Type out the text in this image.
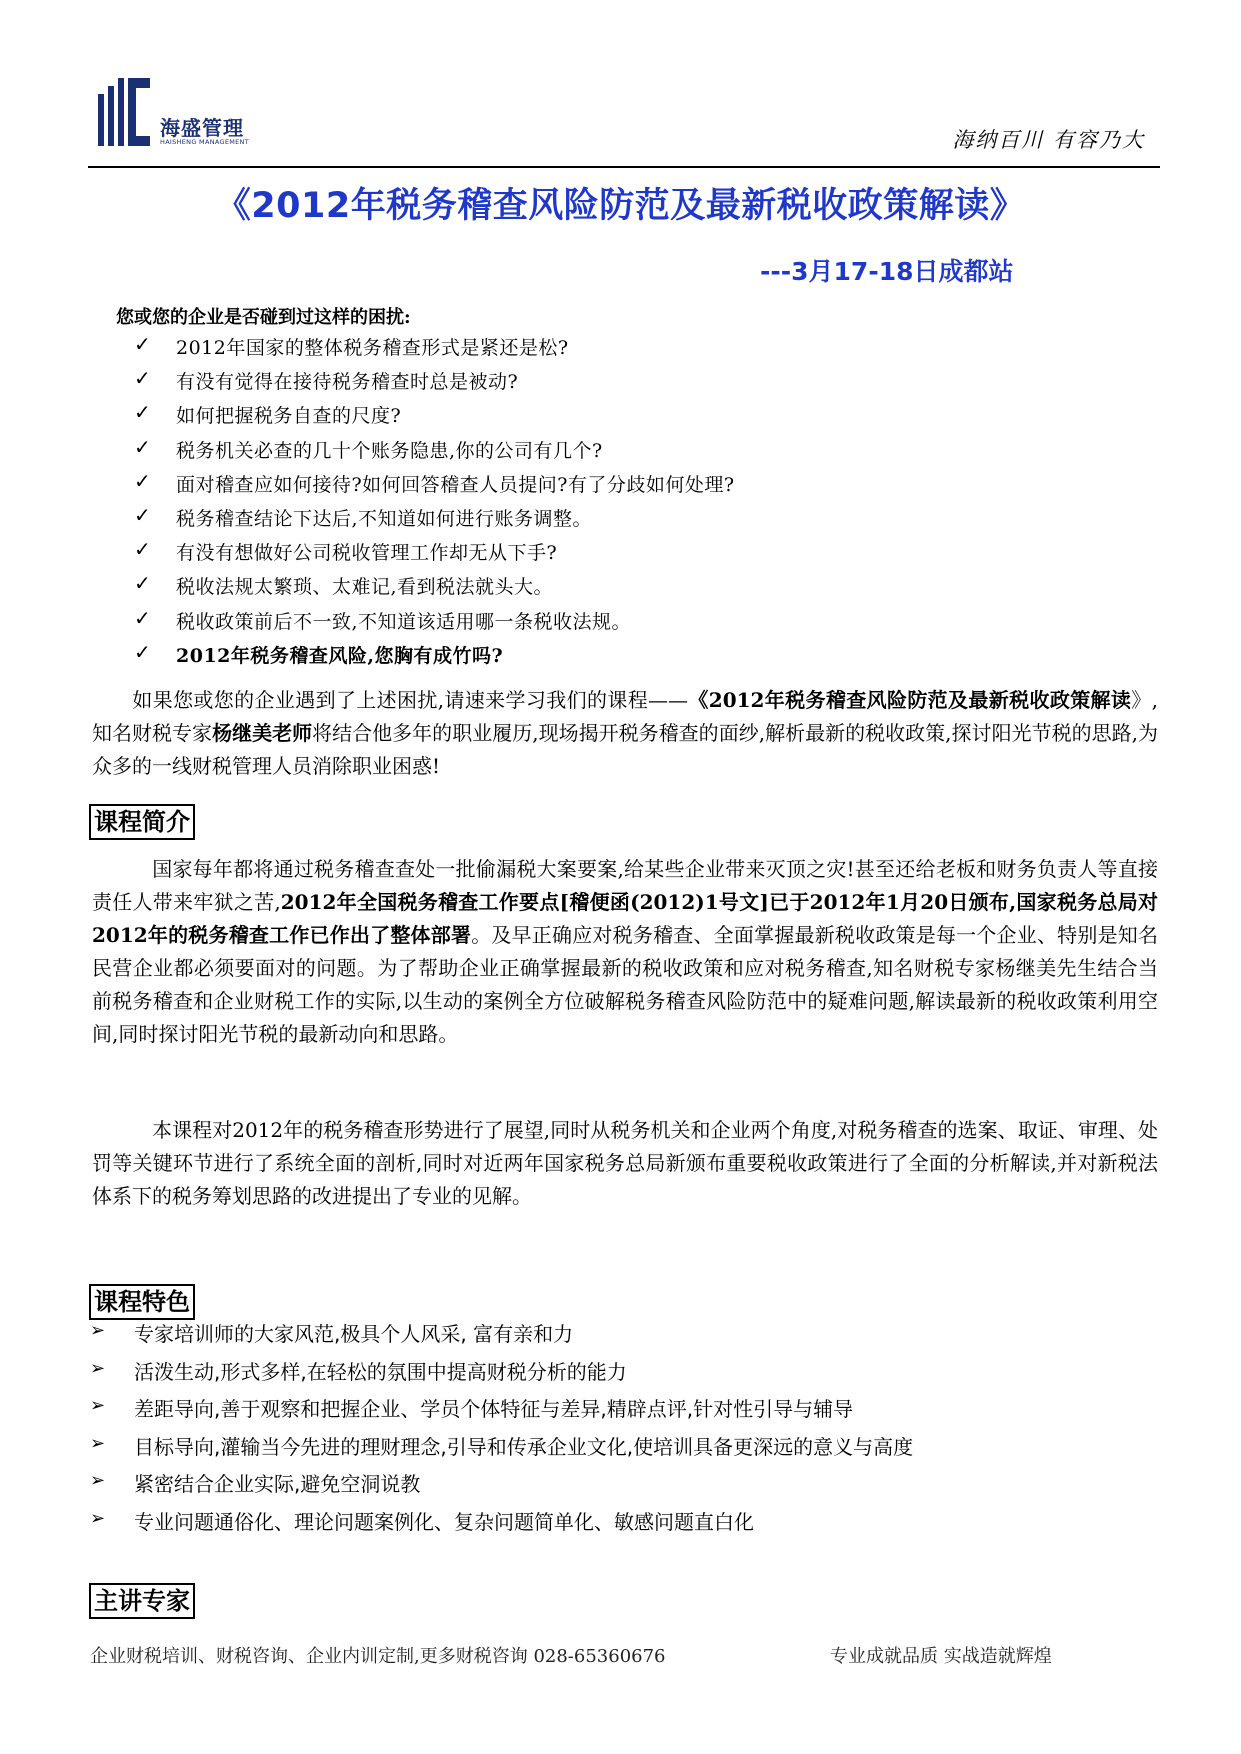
海盛管理
HAISHENG MANAGEMENT	海纳百川 有容乃大
《2012年税务稽查风险防范及最新税收政策解读》
---3月17-18日成都站
您或您的企业是否碰到过这样的困扰:
✓ 2012年国家的整体税务稽查形式是紧还是松?
✓ 有没有觉得在接待税务稽查时总是被动?
✓ 如何把握税务自查的尺度?
✓ 税务机关必查的几十个账务隐患,你的公司有几个?
✓ 面对稽查应如何接待?如何回答稽查人员提问?有了分歧如何处理?
✓ 税务稽查结论下达后,不知道如何进行账务调整。
✓ 有没有想做好公司税收管理工作却无从下手?
✓ 税收法规太繁琐、太难记,看到税法就头大。
✓ 税收政策前后不一致,不知道该适用哪一条税收法规。
✓ 2012年税务稽查风险,您胸有成竹吗?
  如果您或您的企业遇到了上述困扰,请速来学习我们的课程——《2012年税务稽查风险防范及最新税收政策解读》,知名财税专家杨继美老师将结合他多年的职业履历,现场揭开税务稽查的面纱,解析最新的税收政策,探讨阳光节税的思路,为众多的一线财税管理人员消除职业困惑!
课程简介
   国家每年都将通过税务稽查查处一批偷漏税大案要案,给某些企业带来灭顶之灾!甚至还给老板和财务负责人等直接责任人带来牢狱之苦,2012年全国税务稽查工作要点[稽便函(2012)1号文]已于2012年1月20日颁布,国家税务总局对2012年的税务稽查工作已作出了整体部署。及早正确应对税务稽查、全面掌握最新税收政策是每一个企业、特别是知名民营企业都必须要面对的问题。为了帮助企业正确掌握最新的税收政策和应对税务稽查,知名财税专家杨继美先生结合当前税务稽查和企业财税工作的实际,以生动的案例全方位破解税务稽查风险防范中的疑难问题,解读最新的税收政策利用空间,同时探讨阳光节税的最新动向和思路。
   本课程对2012年的税务稽查形势进行了展望,同时从税务机关和企业两个角度,对税务稽查的选案、取证、审理、处罚等关键环节进行了系统全面的剖析,同时对近两年国家税务总局新颁布重要税收政策进行了全面的分析解读,并对新税法体系下的税务筹划思路的改进提出了专业的见解。
课程特色
➢ 专家培训师的大家风范,极具个人风采, 富有亲和力
➢ 活泼生动,形式多样,在轻松的氛围中提高财税分析的能力
➢ 差距导向,善于观察和把握企业、学员个体特征与差异,精辟点评,针对性引导与辅导
➢ 目标导向,灌输当今先进的理财理念,引导和传承企业文化,使培训具备更深远的意义与高度
➢ 紧密结合企业实际,避免空洞说教
➢ 专业问题通俗化、理论问题案例化、复杂问题简单化、敏感问题直白化
主讲专家
企业财税培训、财税咨询、企业内训定制,更多财税咨询 028-65360676	专业成就品质 实战造就辉煌
